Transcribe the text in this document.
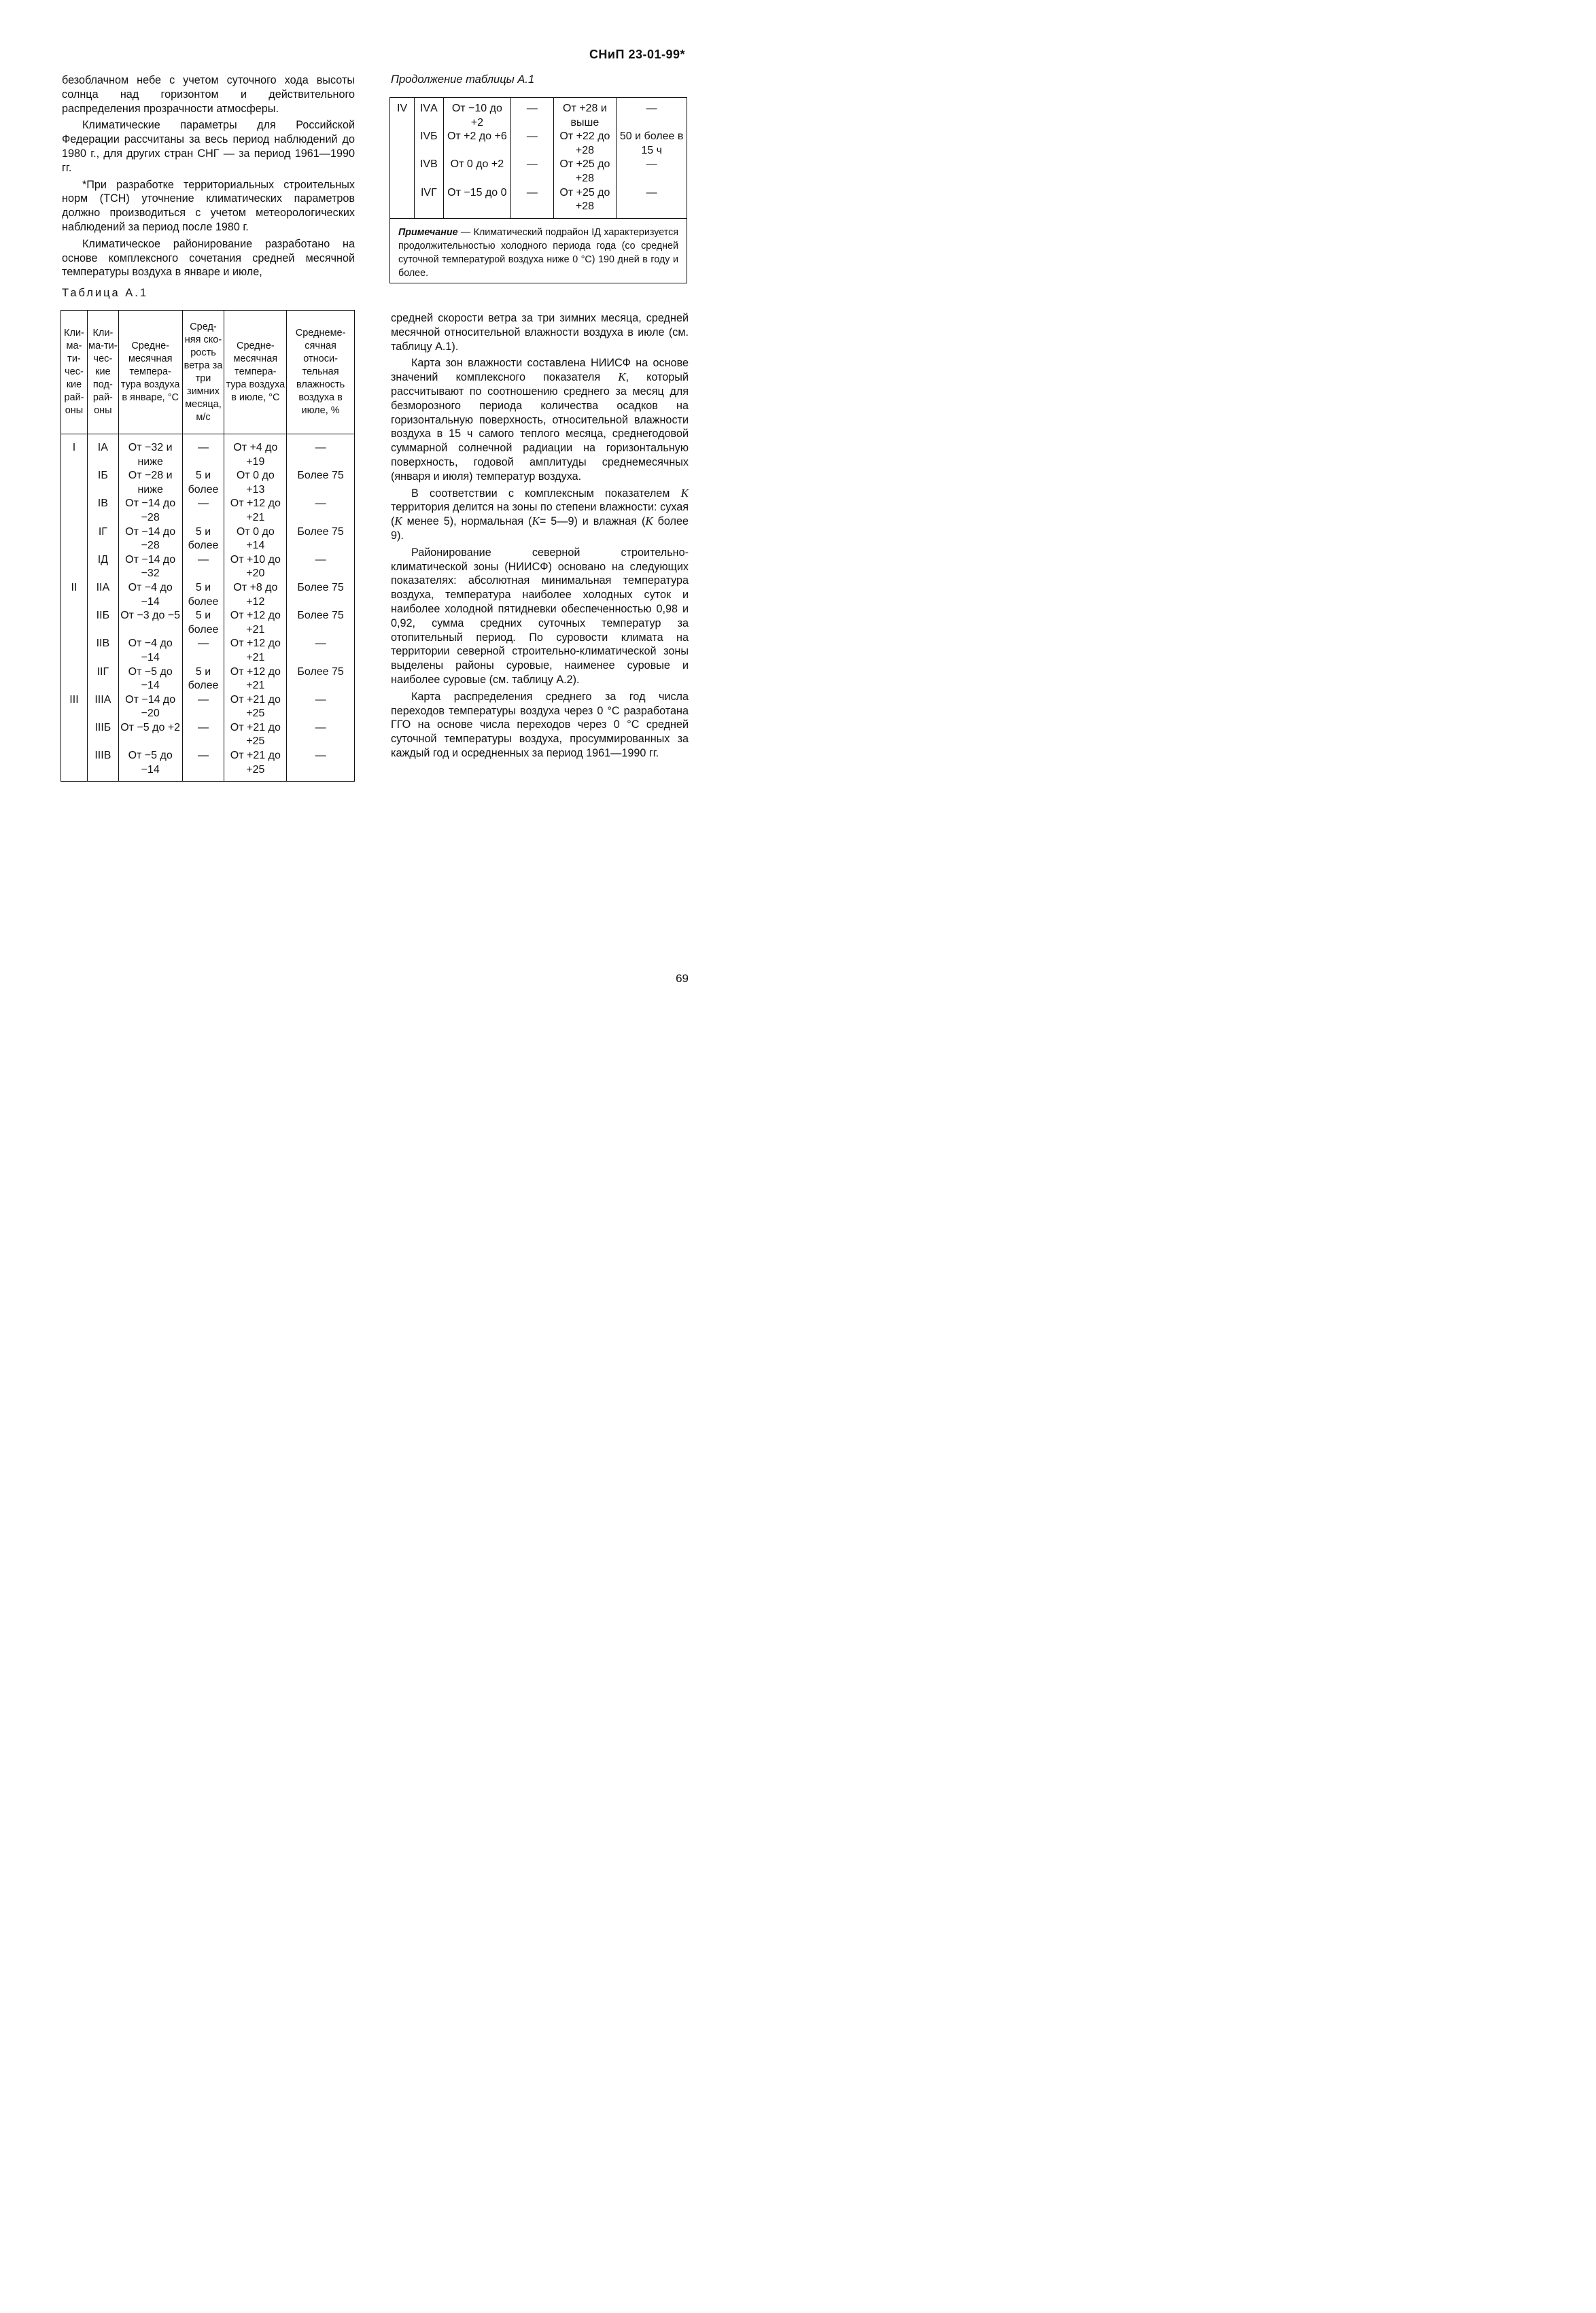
СНиП 23-01-99*

безоблачном небе с учетом суточного хода высоты солнца над горизонтом и действительного распределения прозрачности атмосферы.

Климатические параметры для Российской Федерации рассчитаны за весь период наблюдений до 1980 г., для других стран СНГ — за период 1961—1990 гг.

*При разработке территориальных строительных норм (ТСН) уточнение климатических параметров должно производиться с учетом метеорологических наблюдений за период после 1980 г.

Климатическое районирование разработано на основе комплексного сочетания средней месячной температуры воздуха в январе и июле,

Таблица А.1
Кли-ма-ти-чес-кие рай-оны	Кли-ма-ти-чес-кие под-рай-оны	Средне-месячная темпера-тура воздуха в январе, °С	Сред-няя ско-рость ветра за три зимних месяца, м/с	Средне-месячная темпера-тура воздуха в июле, °С	Среднеме-сячная относи-тельная влажность воздуха в июле, %
I	IА	От −32 и ниже	—	От +4 до +19	—
	IБ	От −28 и ниже	5 и более	От 0 до +13	Более 75
	IВ	От −14 до −28	—	От +12 до +21	—
	IГ	От −14 до −28	5 и более	От 0 до +14	Более 75
	IД	От −14 до −32	—	От +10 до +20	—
II	IIА	От −4 до −14	5 и более	От +8 до +12	Более 75
	IIБ	От −3 до −5	5 и более	От +12 до +21	Более 75
	IIВ	От −4 до −14	—	От +12 до +21	—
	IIГ	От −5 до −14	5 и более	От +12 до +21	Более 75
III	IIIА	От −14 до −20	—	От +21 до +25	—
	IIIБ	От −5 до +2	—	От +21 до +25	—
	IIIВ	От −5 до −14	—	От +21 до +25	—
Продолжение таблицы А.1
IV	IVА	От −10 до +2	—	От +28 и выше	—
	IVБ	От +2 до +6	—	От +22 до +28	50 и более в 15 ч
	IVВ	От 0 до +2	—	От +25 до +28	—
	IVГ	От −15 до 0	—	От +25 до +28	—
Примечание — Климатический подрайон IД характеризуется продолжительностью холодного периода года (со средней суточной температурой воздуха ниже 0 °С) 190 дней в году и более.					

средней скорости ветра за три зимних месяца, средней месячной относительной влажности воздуха в июле (см. таблицу А.1).

Карта зон влажности составлена НИИСФ на основе значений комплексного показателя K, который рассчитывают по соотношению среднего за месяц для безморозного периода количества осадков на горизонтальную поверхность, относительной влажности воздуха в 15 ч самого теплого месяца, среднегодовой суммарной солнечной радиации на горизонтальную поверхность, годовой амплитуды среднемесячных (января и июля) температур воздуха.

В соответствии с комплексным показателем K территория делится на зоны по степени влажности: сухая (K менее 5), нормальная (K= 5—9) и влажная (K более 9).

Районирование северной строительно-климатической зоны (НИИСФ) основано на следующих показателях: абсолютная минимальная температура воздуха, температура наиболее холодных суток и наиболее холодной пятидневки обеспеченностью 0,98 и 0,92, сумма средних суточных температур за отопительный период. По суровости климата на территории северной строительно-климатической зоны выделены районы суровые, наименее суровые и наиболее суровые (см. таблицу А.2).

Карта распределения среднего за год числа переходов температуры воздуха через 0 °С разработана ГГО на основе числа переходов через 0 °С средней суточной температуры воздуха, просуммированных за каждый год и осредненных за период 1961—1990 гг.

69
